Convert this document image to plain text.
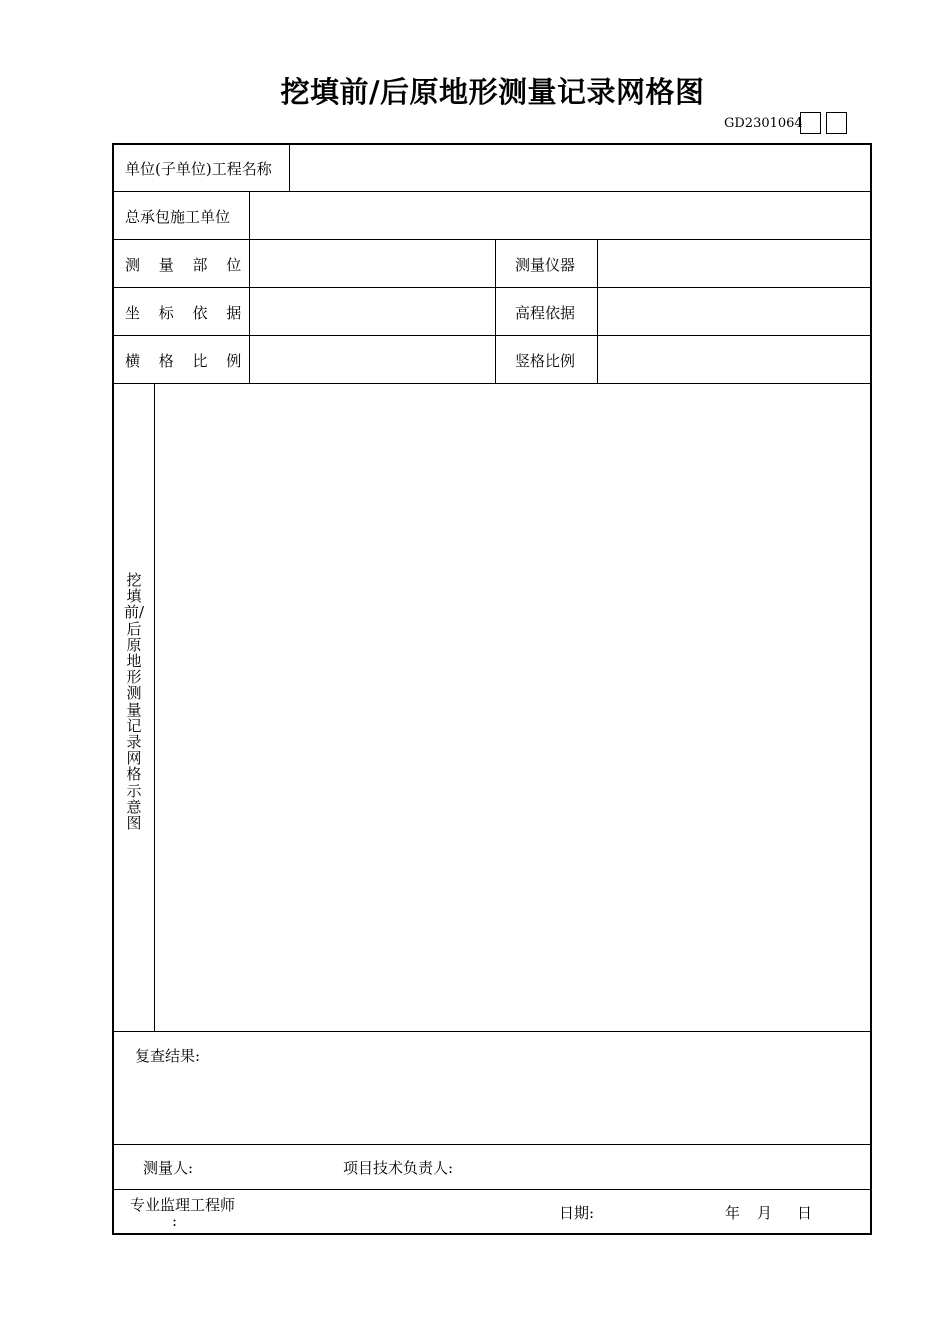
挖填前/后原地形测量记录网格图
GD2301064
单位(子单位)工程名称
总承包施工单位
测 量 部 位	测量仪器
坐 标 依 据	高程依据
横 格 比 例	竖格比例
挖填前/后原地形测量记录网格示意图
复查结果:
测量人:	项目技术负责人:
专业监理工程师
:	日期:	年 月 日
